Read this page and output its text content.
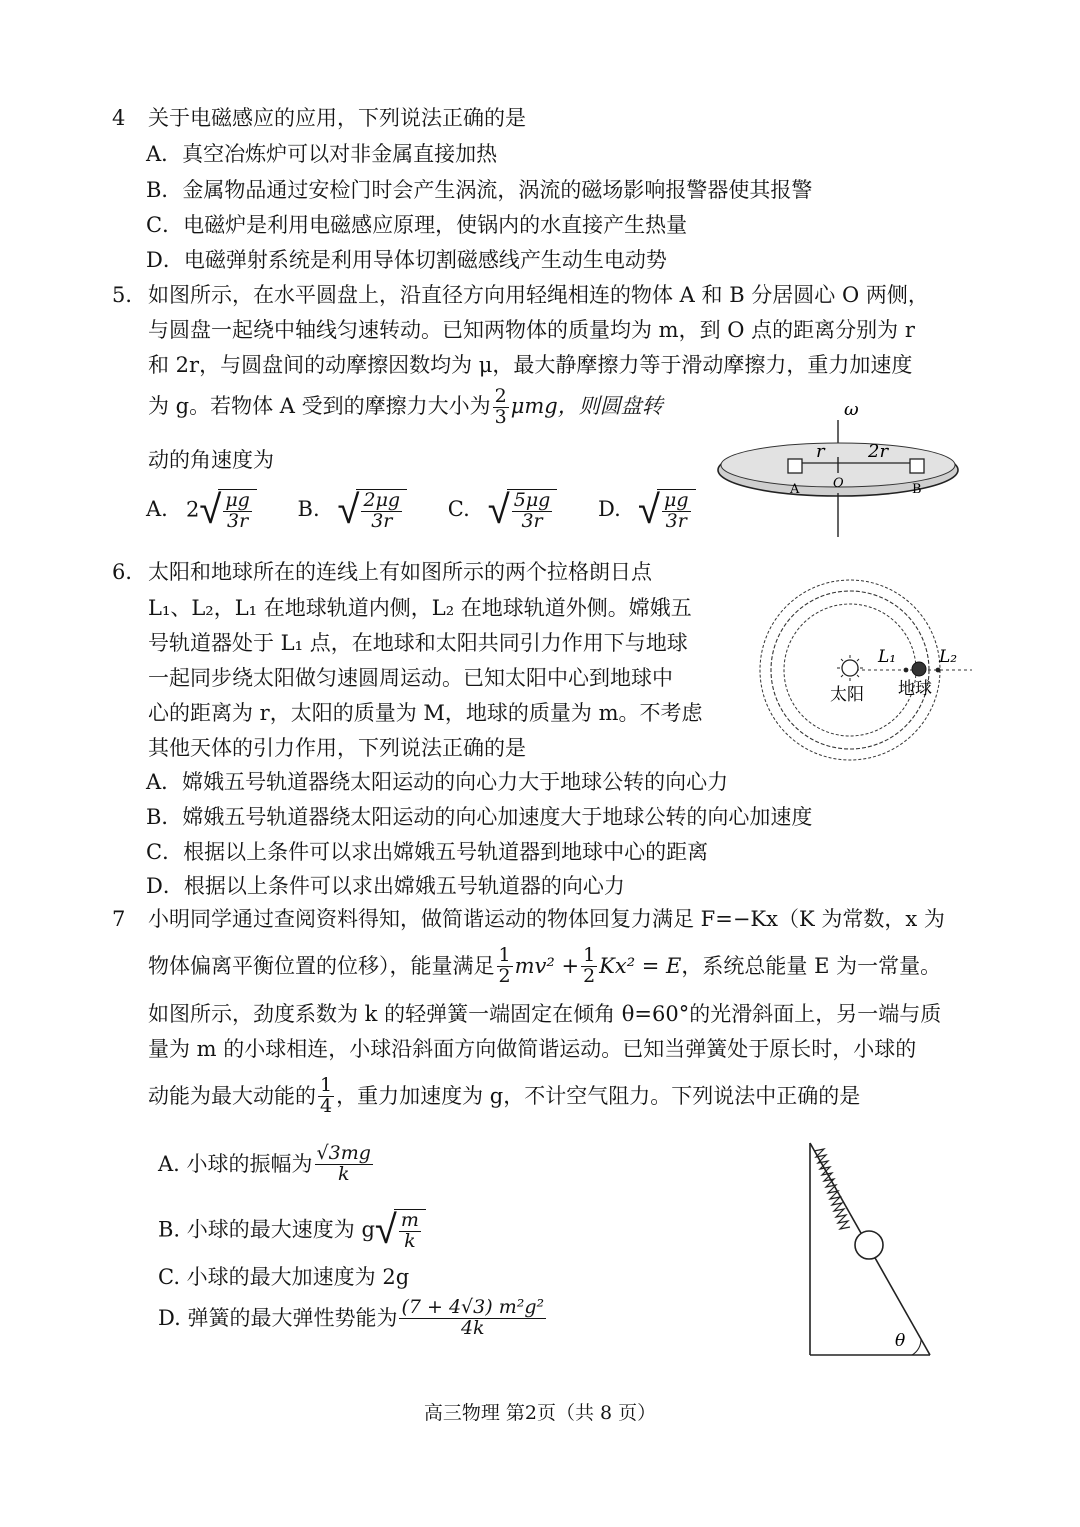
4 关于电磁感应的应用，下列说法正确的是
A．真空冶炼炉可以对非金属直接加热
B．金属物品通过安检门时会产生涡流，涡流的磁场影响报警器使其报警
C．电磁炉是利用电磁感应原理，使锅内的水直接产生热量
D．电磁弹射系统是利用导体切割磁感线产生动生电动势
5． 如图所示，在水平圆盘上，沿直径方向用轻绳相连的物体 A 和 B 分居圆心 O 两侧，
与圆盘一起绕中轴线匀速转动。已知两物体的质量均为 m，到 O 点的距离分别为 r
和 2r，与圆盘间的动摩擦因数均为 μ，最大静摩擦力等于滑动摩擦力，重力加速度
为 g。若物体 A 受到的摩擦力大小为 $\frac{2}{3}$ μmg，则圆盘转
动的角速度为
A. $2√ \frac{\mu g}{3r} B$. √ $\frac{2\mu g}{3r} C$. √ $\frac{5\mu g}{3r} D$. √ $\frac{\mu g}{3r}$
ω
r 2r
A	O	B
6． 太阳和地球所在的连线上有如图所示的两个拉格朗日点
L₁、L₂，L₁ 在地球轨道内侧，L₂ 在地球轨道外侧。嫦娥五
号轨道器处于 L₁ 点，在地球和太阳共同引力作用下与地球
一起同步绕太阳做匀速圆周运动。已知太阳中心到地球中
心的距离为 r，太阳的质量为 M，地球的质量为 m。不考虑
其他天体的引力作用，下列说法正确的是
A．嫦娥五号轨道器绕太阳运动的向心力大于地球公转的向心力
B．嫦娥五号轨道器绕太阳运动的向心加速度大于地球公转的向心加速度
C．根据以上条件可以求出嫦娥五号轨道器到地球中心的距离
D．根据以上条件可以求出嫦娥五号轨道器的向心力
L₁	L₂
太阳 地球
7 小明同学通过查阅资料得知，做简谐运动的物体回复力满足 F=−Kx（K 为常数，x 为
物体偏离平衡位置的位移），能量满足 $\frac{1}{2} mv^2 + \frac{1}{2} Kx^2 = E$，系统总能量 E 为一常量。
如图所示，劲度系数为 k 的轻弹簧一端固定在倾角 θ=60°的光滑斜面上，另一端与质
量为 m 的小球相连，小球沿斜面方向做简谐运动。已知当弹簧处于原长时，小球的
动能为最大动能的 $\frac{1}{4}$ ，重力加速度为 g，不计空气阻力。下列说法中正确的是
A. 小球的振幅为 $\frac{√3mg}{k}$
B. 小球的最大速度为 $g√ \frac{m}{k}$
C. 小球的最大加速度为 2g
D. 弹簧的最大弹性势能为 $\frac{\text{(7 + 4√3) m²g²}}{4k}$
θ
高三物理 第2页（共 8 页）
